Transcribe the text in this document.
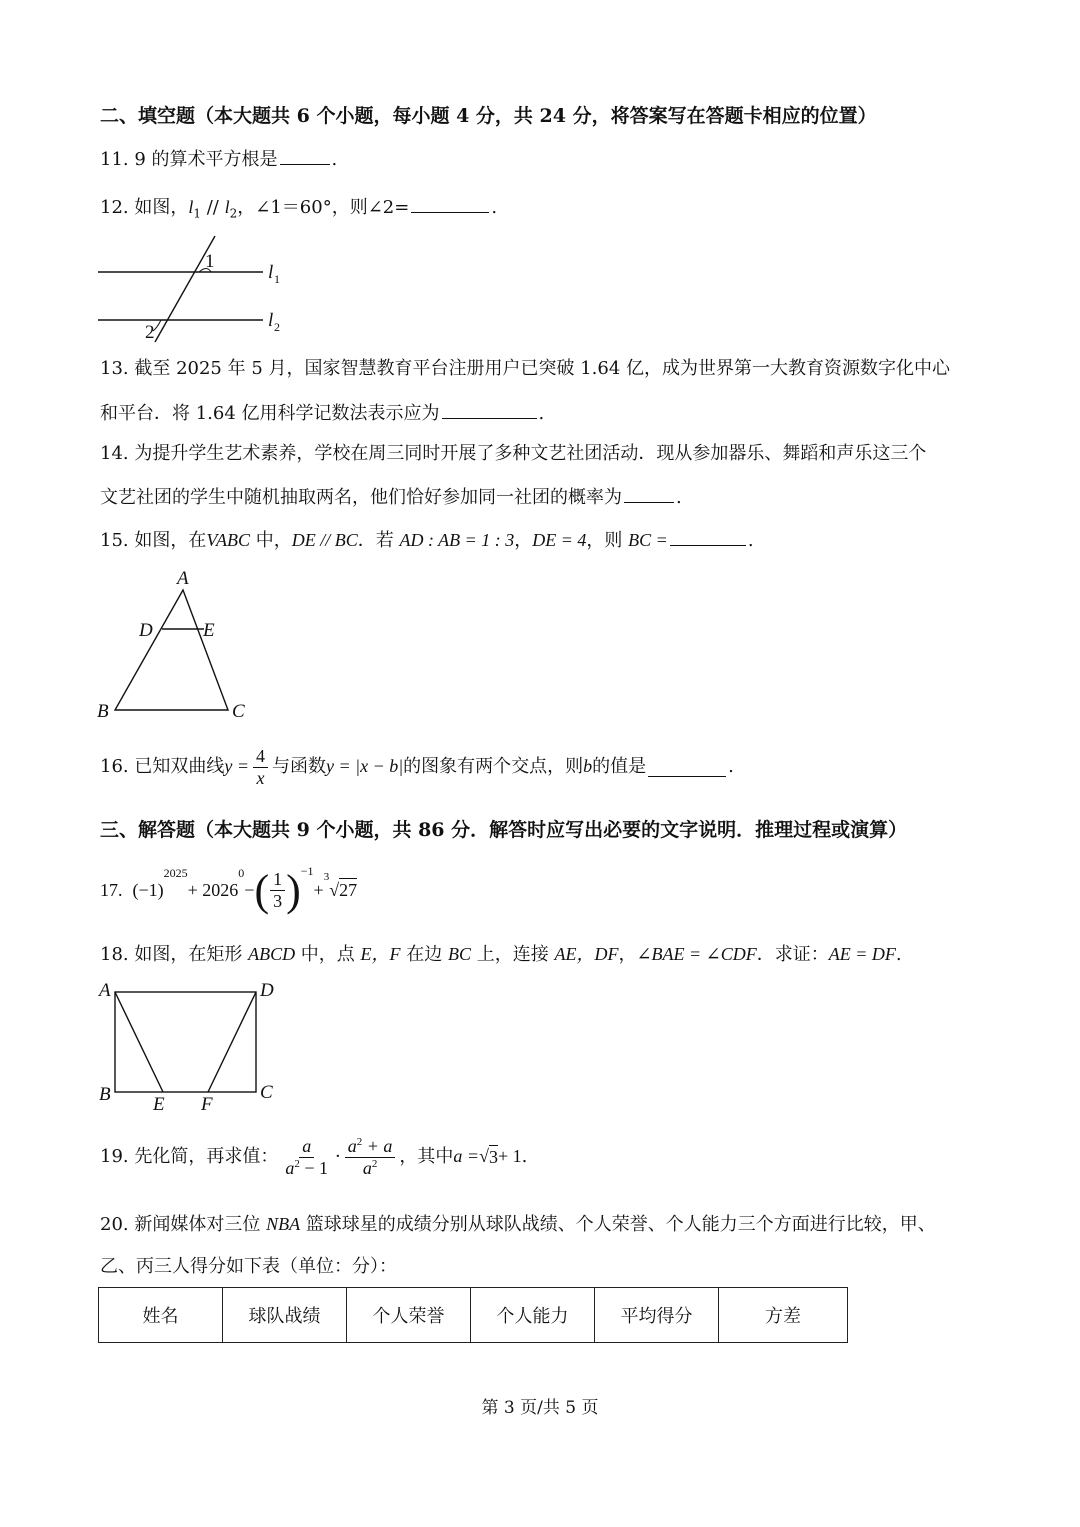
二、填空题（本大题共 6 个小题，每小题 4 分，共 24 分，将答案写在答题卡相应的位置）
11. 9 的算术平方根是	.
12. 如图，$l_1 // l_2$，∠1＝60°，则∠2=	.
1
2
l 1
l 2
13. 截至 2025 年 5 月，国家智慧教育平台注册用户已突破 1.64 亿，成为世界第一大教育资源数字化中心
和平台．将 1.64 亿用科学记数法表示应为	.
14. 为提升学生艺术素养，学校在周三同时开展了多种文艺社团活动．现从参加器乐、舞蹈和声乐这三个
文艺社团的学生中随机抽取两名，他们恰好参加同一社团的概率为	.
15. 如图，在VABC 中，DE // BC．若 AD : AB = 1 : 3，DE = 4，则 BC =	.
A
D	E
B	C
16. 已知双曲线 $y = \frac{4}{x}$ 与函数 y = |x − b| 的图象有两个交点，则 b 的值是	.
三、解答题（本大题共 9 个小题，共 86 分．解答时应写出必要的文字说明．推理过程或演算）
17. (−1)
$^{2025}$
+ 2026
$^0$
− ( $\frac{1}{3} )^{-1}$
+
$^3$
√ 27
18. 如图，在矩形 ABCD 中，点 E，F 在边 BC 上，连接 AE，DF，∠BAE = ∠CDF．求证：AE = DF.
A	D
B	C
E F
19. 先化简，再求值： $\frac{a}{a^2 - 1} \cdot \frac{a^2 + a}{a^2}$ ，其中 a = √ 3 + 1 .
20. 新闻媒体对三位 NBA 篮球球星的成绩分别从球队战绩、个人荣誉、个人能力三个方面进行比较，甲、
乙、丙三人得分如下表（单位：分）：
姓名	球队战绩	个人荣誉	个人能力	平均得分	方差
第 3 页/共 5 页
